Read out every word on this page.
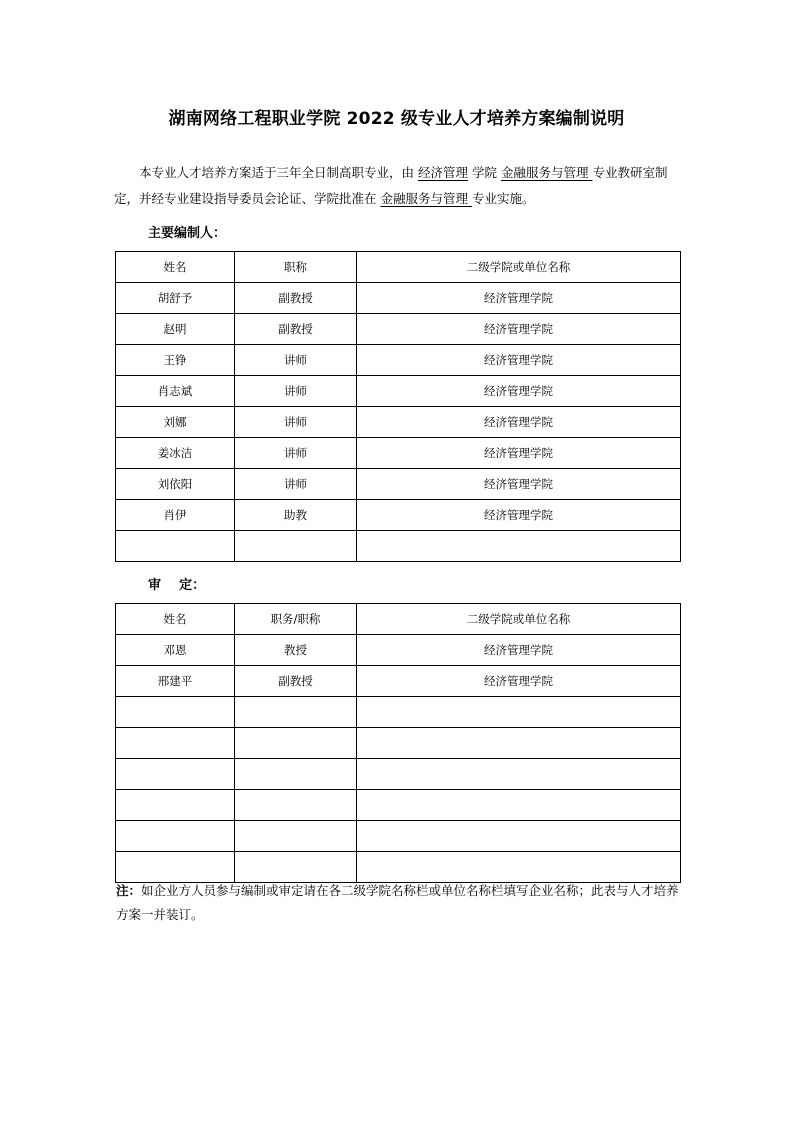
湖南网络工程职业学院 2022 级专业人才培养方案编制说明
本专业人才培养方案适于三年全日制高职专业，由 经济管理 学院 金融服务与管理 专业教研室制定，并经专业建设指导委员会论证、学院批准在 金融服务与管理 专业实施。
主要编制人：
姓名	职称	二级学院或单位名称
胡舒予	副教授	经济管理学院
赵明	副教授	经济管理学院
王铮	讲师	经济管理学院
肖志斌	讲师	经济管理学院
刘娜	讲师	经济管理学院
姜冰洁	讲师	经济管理学院
刘依阳	讲师	经济管理学院
肖伊	助教	经济管理学院

审    定：
姓名	职务/职称	二级学院或单位名称
邓恩	教授	经济管理学院
邢建平	副教授	经济管理学院

注：如企业方人员参与编制或审定请在各二级学院名称栏或单位名称栏填写企业名称；此表与人才培养方案一并装订。
